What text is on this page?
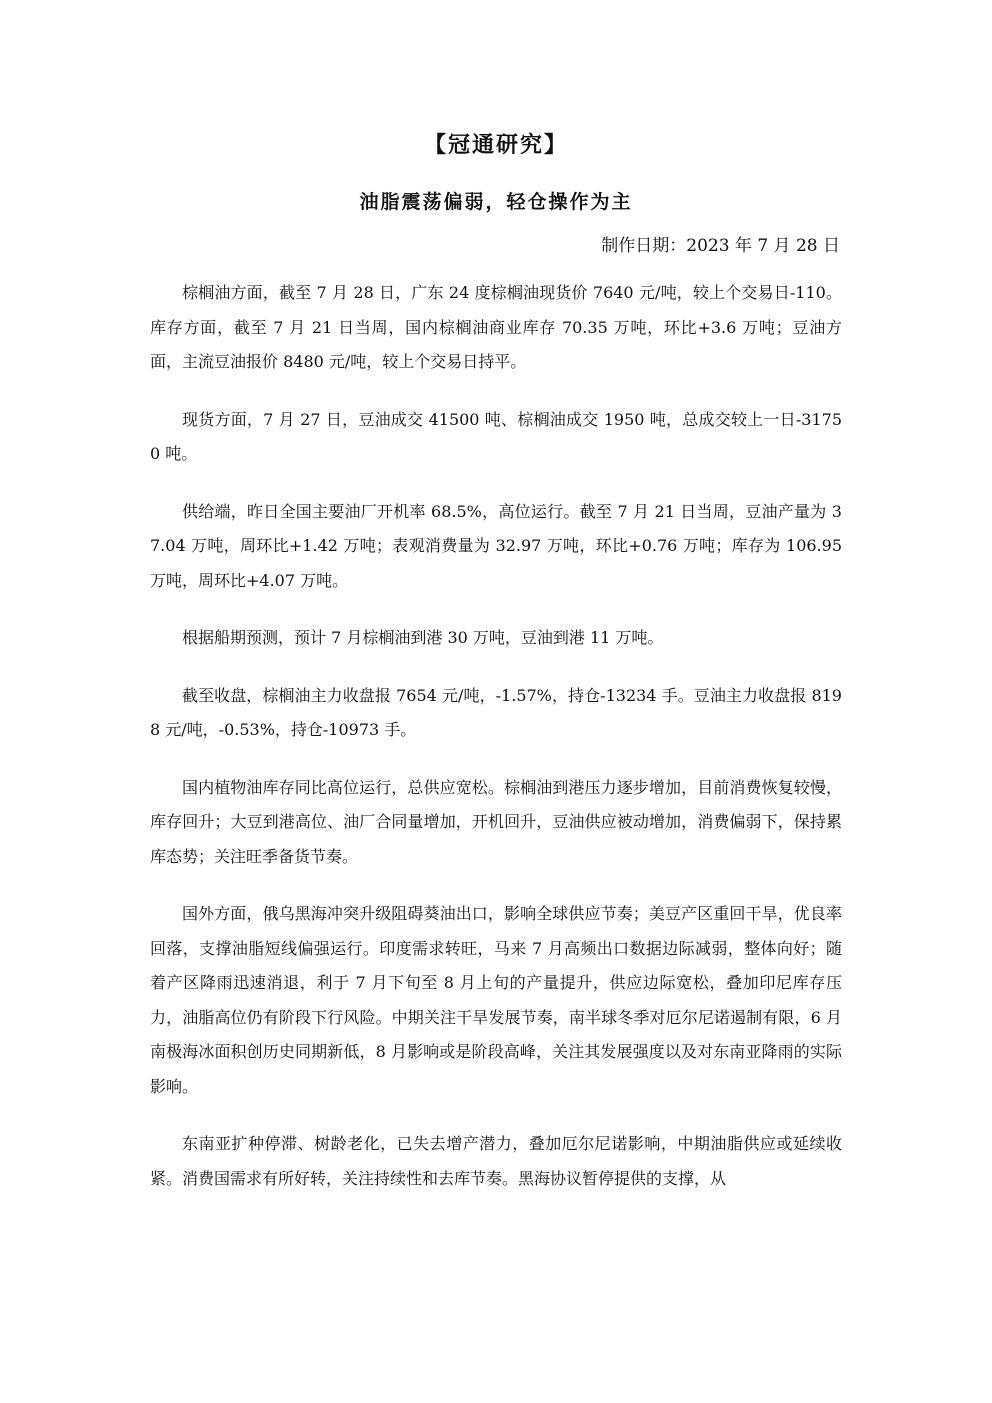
【冠通研究】
油脂震荡偏弱，轻仓操作为主
制作日期：2023 年 7 月 28 日

棕榈油方面，截至 7 月 28 日，广东 24 度棕榈油现货价 7640 元/吨，较上个交易日-110。库存方面，截至 7 月 21 日当周，国内棕榈油商业库存 70.35 万吨，环比+3.6 万吨；豆油方面，主流豆油报价 8480 元/吨，较上个交易日持平。

现货方面，7 月 27 日，豆油成交 41500 吨、棕榈油成交 1950 吨，总成交较上一日-31750 吨。

供给端，昨日全国主要油厂开机率 68.5%，高位运行。截至 7 月 21 日当周，豆油产量为 37.04 万吨，周环比+1.42 万吨；表观消费量为 32.97 万吨，环比+0.76 万吨；库存为 106.95 万吨，周环比+4.07 万吨。

根据船期预测，预计 7 月棕榈油到港 30 万吨，豆油到港 11 万吨。

截至收盘，棕榈油主力收盘报 7654 元/吨，-1.57%，持仓-13234 手。豆油主力收盘报 8198 元/吨，-0.53%，持仓-10973 手。

国内植物油库存同比高位运行，总供应宽松。棕榈油到港压力逐步增加，目前消费恢复较慢，库存回升；大豆到港高位、油厂合同量增加，开机回升，豆油供应被动增加，消费偏弱下，保持累库态势；关注旺季备货节奏。

国外方面，俄乌黑海冲突升级阻碍葵油出口，影响全球供应节奏；美豆产区重回干旱，优良率回落，支撑油脂短线偏强运行。印度需求转旺，马来 7 月高频出口数据边际减弱，整体向好；随着产区降雨迅速消退，利于 7 月下旬至 8 月上旬的产量提升，供应边际宽松，叠加印尼库存压力，油脂高位仍有阶段下行风险。中期关注干旱发展节奏，南半球冬季对厄尔尼诺遏制有限，6 月南极海冰面积创历史同期新低，8 月影响或是阶段高峰，关注其发展强度以及对东南亚降雨的实际影响。

东南亚扩种停滞、树龄老化，已失去增产潜力，叠加厄尔尼诺影响，中期油脂供应或延续收紧。消费国需求有所好转，关注持续性和去库节奏。黑海协议暂停提供的支撑，从
